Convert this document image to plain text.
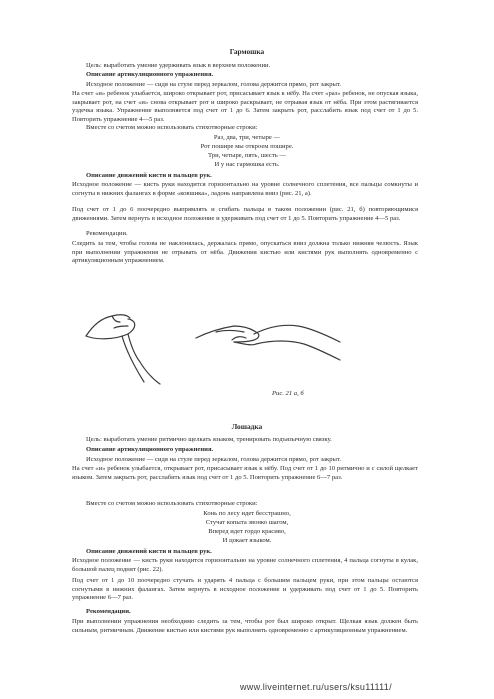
Гармошка
Цель: выработать умение удерживать язык в верхнем положении.
Описание артикуляционного упражнения.
Исходное положение — сидя на стуле перед зеркалом, голова держится прямо, рот закрыт.
На счет «и» ребенок улыбается, широко открывает рот, присасывает язык к нёбу. На счет «раз» ребенок, не опуская языка, закрывает рот, на счет «и» снова открывает рот и широко раскрывает, не отрывая язык от нёба. При этом растягивается уздечка языка. Упражнение выполняется под счет от 1 до 6. Затем закрыть рот, расслабить язык под счет от 1 до 5. Повторить упражнение 4—5 раз.
Вместе со счетом можно использовать стихотворные строки:
Раз, два, три, четыре —
Рот пошире мы откроем пошире.
Три, четыре, пять, шесть —
И у нас гармошка есть.
Описание движений кисти и пальцев рук.
Исходное положение — кисть руки находится горизонтально на уровне солнечного сплетения, все пальцы сомкнуты и согнуты в нижних фалангах в форме «ковшика», ладонь направлена вниз (рис. 21, а).
Под счет от 1 до 6 поочередно выпрямлять и сгибать пальцы в таком положении (рис. 21, б) повторяющимися движениями. Затем вернуть в исходное положение и удерживать под счет от 1 до 5. Повторить упражнение 4—5 раз.
Рекомендации.
Следить за тем, чтобы голова не наклонялась, держалась прямо, опускаться вниз должна только нижняя челюсть. Язык при выполнении упражнения не отрывать от нёба. Движения кистью или кистями рук выполнять одновременно с артикуляционным упражнением.
Рис. 21 а, б
Лошадка
Цель: выработать умение ритмично щелкать языком, тренировать подъязычную связку.
Описание артикуляционного упражнения.
Исходное положение — сидя на стуле перед зеркалом, голова держится прямо, рот закрыт.
На счет «и» ребенок улыбается, открывает рот, присасывает язык к нёбу. Под счет от 1 до 10 ритмично и с силой щелкает языком. Затем закрыть рот, расслабить язык под счет от 1 до 5. Повторить упражнение 6—7 раз.
Вместе со счетом можно использовать стихотворные строки:
Конь по лесу идет бесстрашно,
Стучат копыта звонко шагом,
Вперед идет гордо красиво,
И цокает языком.
Описание движений кисти и пальцев рук.
Исходное положение — кисть руки находится горизонтально на уровне солнечного сплетения, 4 пальца согнуты в кулак, большой палец поднят (рис. 22).
Под счет от 1 до 10 поочередно стучать и ударять 4 пальца с большим пальцем руки, при этом пальцы остаются согнутыми в нижних фалангах. Затем вернуть в исходное положение и удерживать под счет от 1 до 5. Повторить упражнение 6—7 раз.
Рекомендации.
При выполнении упражнения необходимо следить за тем, чтобы рот был широко открыт. Щелкая язык должен быть сильным, ритмичным. Движение кистью или кистями рук выполнять одновременно с артикуляционным упражнением.
www.liveinternet.ru/users/ksu11111/
